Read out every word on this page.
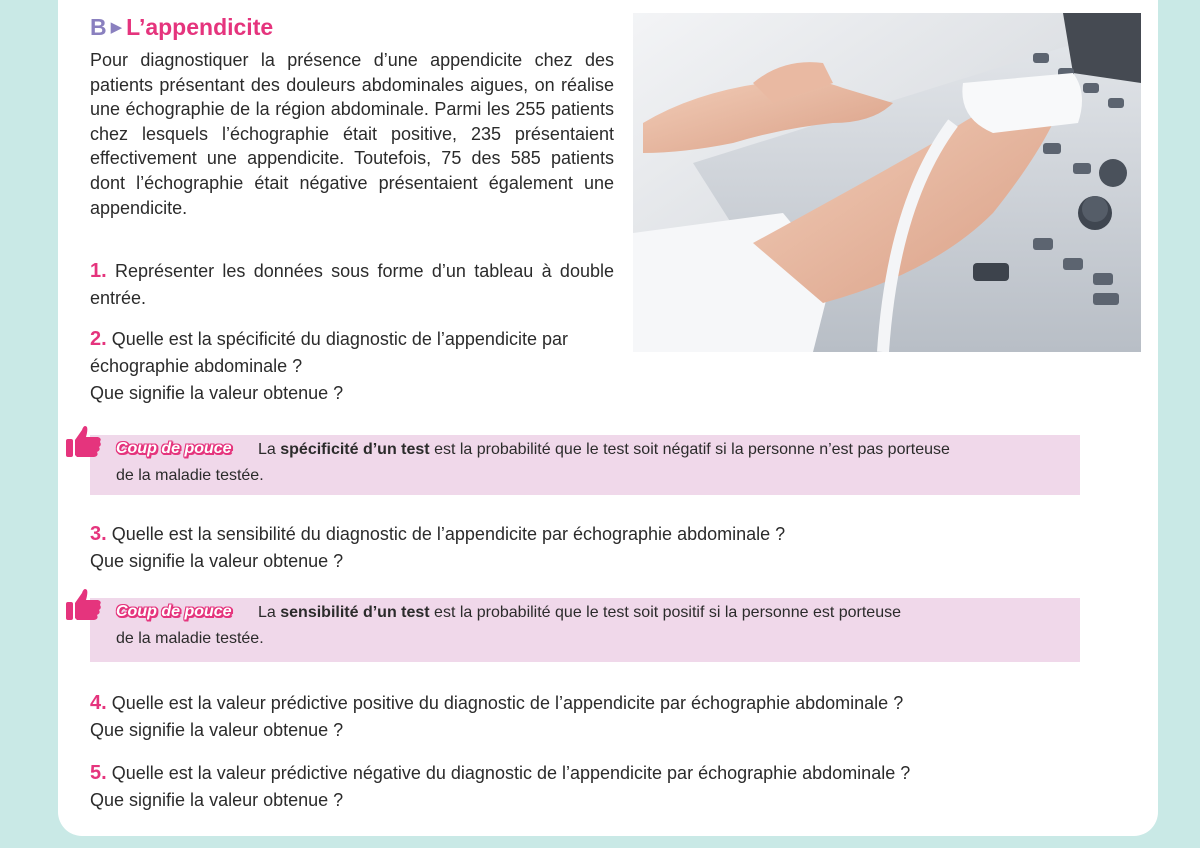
B ▶ L’appendicite
Pour diagnostiquer la présence d’une appendicite chez des patients présentant des douleurs abdominales aigues, on réalise une échographie de la région abdominale. Parmi les 255 patients chez lesquels l’échographie était positive, 235 présentaient effectivement une appendicite. Toutefois, 75 des 585 patients dont l’échographie était négative présentaient également une appendicite.
1. Représenter les données sous forme d’un tableau à double entrée.
2. Quelle est la spécificité du diagnostic de l’appendicite par échographie abdominale ?
Que signifie la valeur obtenue ?
Coup de pouce La spécificité d’un test est la probabilité que le test soit négatif si la personne n’est pas porteuse
de la maladie testée.
3. Quelle est la sensibilité du diagnostic de l’appendicite par échographie abdominale ?
Que signifie la valeur obtenue ?
Coup de pouce La sensibilité d’un test est la probabilité que le test soit positif si la personne est porteuse
de la maladie testée.
4. Quelle est la valeur prédictive positive du diagnostic de l’appendicite par échographie abdominale ?
Que signifie la valeur obtenue ?
5. Quelle est la valeur prédictive négative du diagnostic de l’appendicite par échographie abdominale ?
Que signifie la valeur obtenue ?
